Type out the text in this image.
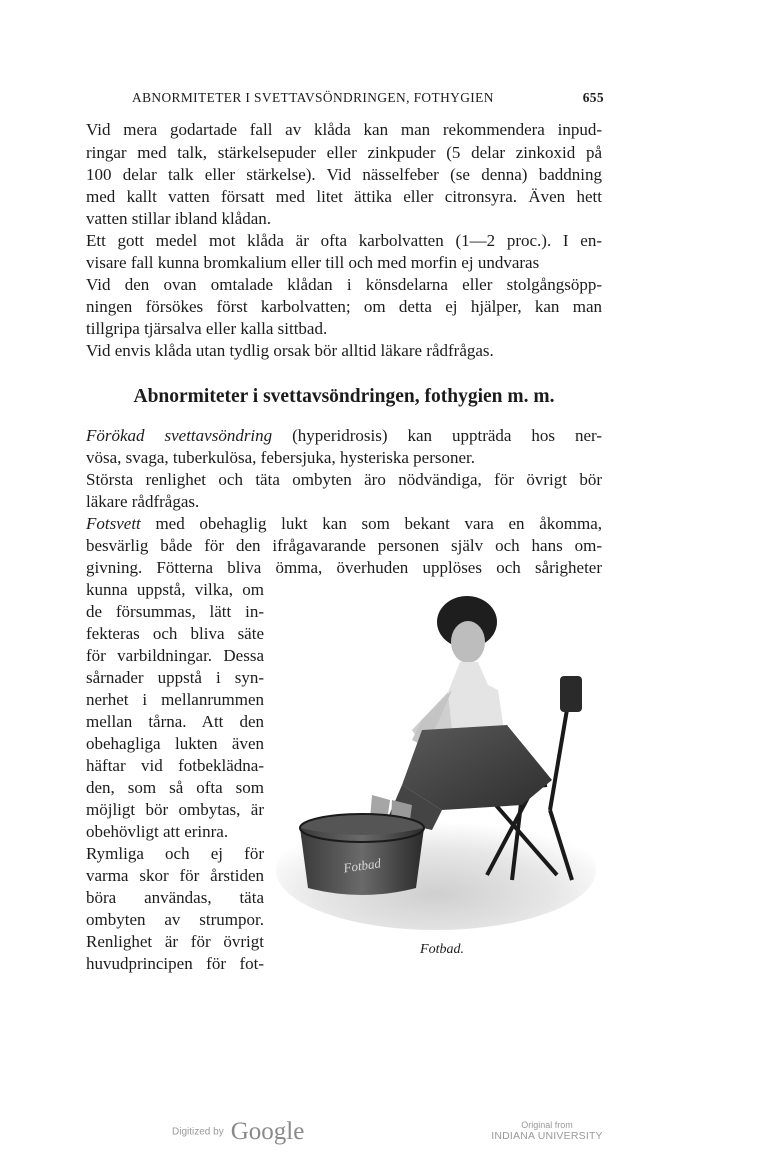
ABNORMITETER I SVETTAVSÖNDRINGEN, FOTHYGIEN	655
Vid mera godartade fall av klåda kan man rekommendera inpud-
ringar med talk, stärkelsepuder eller zinkpuder (5 delar zinkoxid på
100 delar talk eller stärkelse). Vid nässelfeber (se denna) baddning
med kallt vatten försatt med litet ättika eller citronsyra. Även hett
vatten stillar ibland klådan.
Ett gott medel mot klåda är ofta karbolvatten (1—2 proc.). I en-
visare fall kunna bromkalium eller till och med morfin ej undvaras
Vid den ovan omtalade klådan i könsdelarna eller stolgångsöpp-
ningen försökes först karbolvatten; om detta ej hjälper, kan man
tillgripa tjärsalva eller kalla sittbad.
Vid envis klåda utan tydlig orsak bör alltid läkare rådfrågas.
Abnormiteter i svettavsöndringen, fothygien m. m.
Förökad svettavsöndring (hyperidrosis) kan uppträda hos ner-
vösa, svaga, tuberkulösa, febersjuka, hysteriska personer.
Största renlighet och täta ombyten äro nödvändiga, för övrigt bör
läkare rådfrågas.
Fotsvett med obehaglig lukt kan som bekant vara en åkomma,
besvärlig både för den ifrågavarande personen själv och hans om-
givning. Fötterna bliva ömma, överhuden upplöses och sårigheter
kunna uppstå, vilka, om
de försummas, lätt in-
fekteras och bliva säte
för varbildningar. Dessa
sårnader uppstå i syn-
nerhet i mellanrummen
mellan tårna. Att den
obehagliga lukten även
häftar vid fotbeklädna-
den, som så ofta som
möjligt bör ombytas, är
obehövligt att erinra.
Rymliga och ej för
varma skor för årstiden
böra användas, täta
ombyten av strumpor.
Renlighet är för övrigt
huvudprincipen för fot-
Fotbad
Fotbad.
Digitized by Google	Original from
INDIANA UNIVERSITY
